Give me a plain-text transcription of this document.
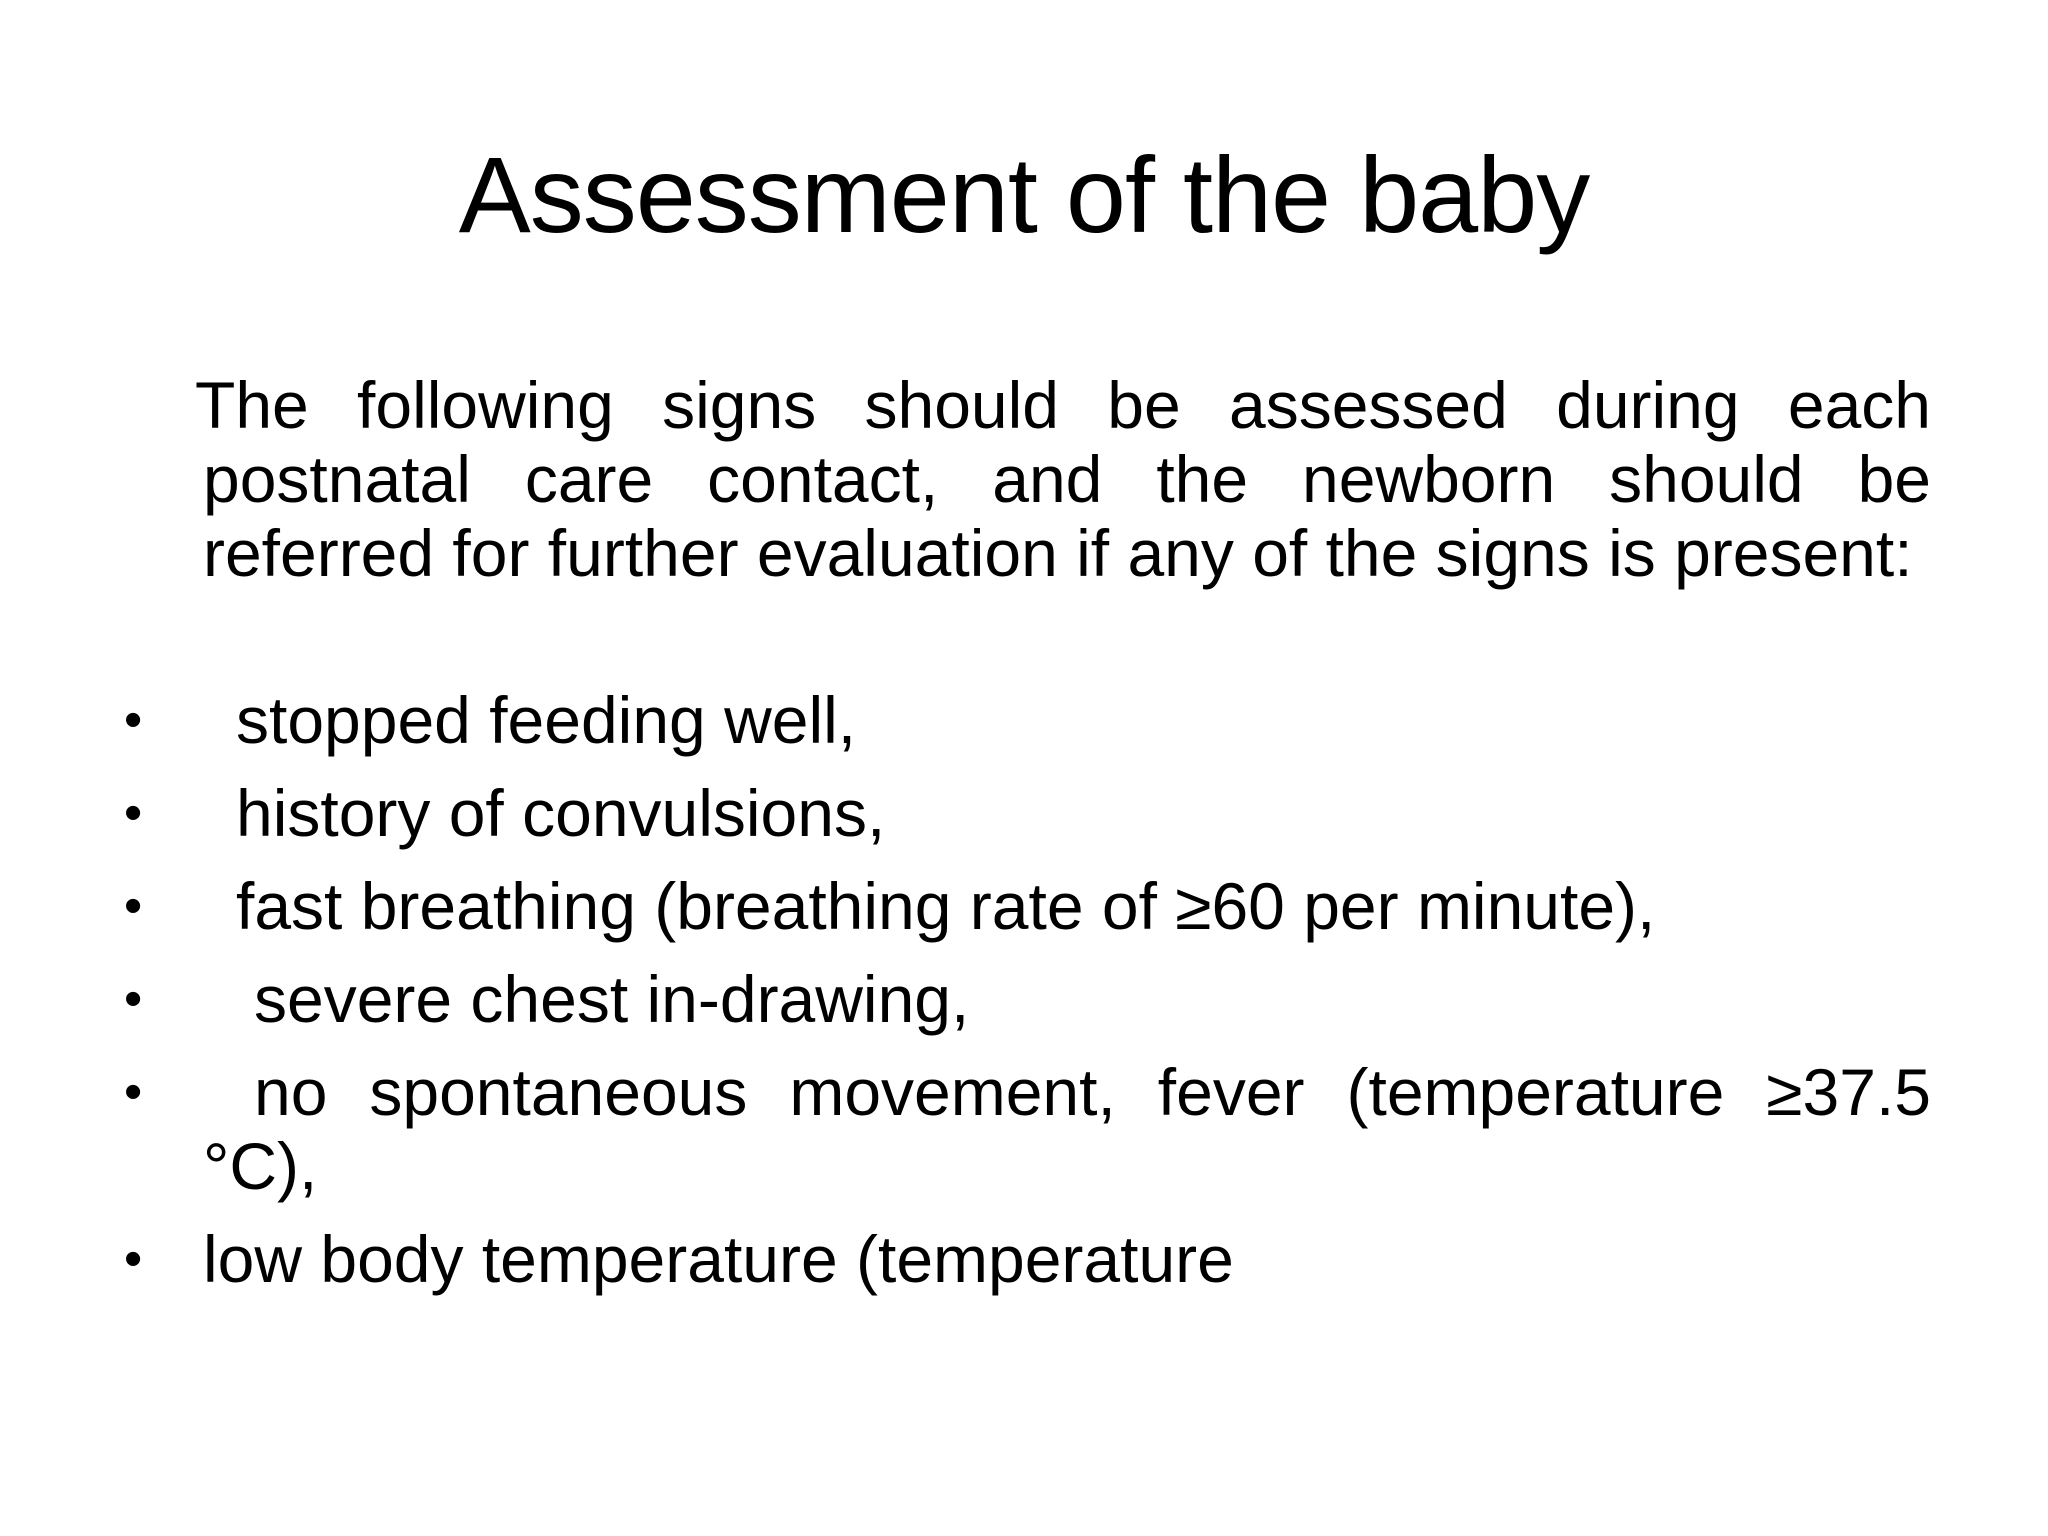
Assessment of the baby

The following signs should be assessed during each postnatal care contact, and the newborn should be referred for further evaluation if any of the signs is present:

• stopped feeding well,
• history of convulsions,
• fast breathing (breathing rate of ≥60 per minute),
• severe chest in-drawing,
•	no spontaneous movement, fever (temperature ≥37.5 °C),
• low body temperature (temperature
